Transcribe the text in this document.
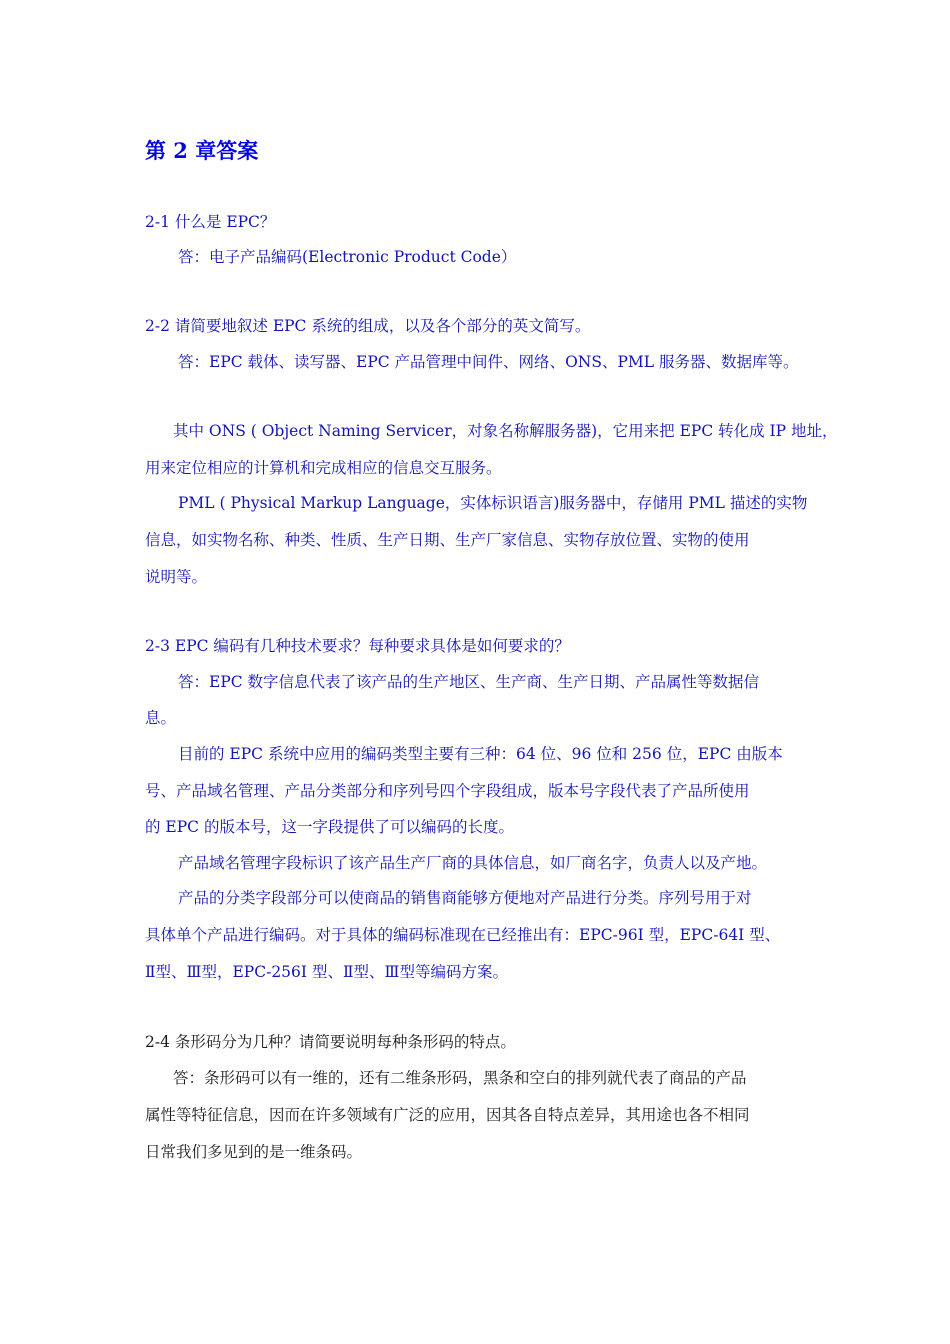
第 2 章答案

2-1 什么是 EPC？

答：电子产品编码(Electronic Product Code）

2-2 请简要地叙述 EPC 系统的组成，以及各个部分的英文简写。

答：EPC 载体、读写器、EPC 产品管理中间件、网络、ONS、PML 服务器、数据库等。

其中 ONS ( Object Naming Servicer，对象名称解服务器)，它用来把 EPC 转化成 IP 地址，

用来定位相应的计算机和完成相应的信息交互服务。

PML ( Physical Markup Language，实体标识语言)服务器中，存储用 PML 描述的实物

信息，如实物名称、种类、性质、生产日期、生产厂家信息、实物存放位置、实物的使用

说明等。

2-3 EPC 编码有几种技术要求？每种要求具体是如何要求的？

答：EPC 数字信息代表了该产品的生产地区、生产商、生产日期、产品属性等数据信

息。

目前的 EPC 系统中应用的编码类型主要有三种：64 位、96 位和 256 位，EPC 由版本

号、产品域名管理、产品分类部分和序列号四个字段组成，版本号字段代表了产品所使用

的 EPC 的版本号，这一字段提供了可以编码的长度。

产品域名管理字段标识了该产品生产厂商的具体信息，如厂商名字，负责人以及产地。

产品的分类字段部分可以使商品的销售商能够方便地对产品进行分类。序列号用于对

具体单个产品进行编码。对于具体的编码标准现在已经推出有：EPC-96I 型，EPC-64I 型、

Ⅱ型、Ⅲ型，EPC-256I 型、Ⅱ型、Ⅲ型等编码方案。

2-4 条形码分为几种？请简要说明每种条形码的特点。

答：条形码可以有一维的，还有二维条形码，黑条和空白的排列就代表了商品的产品

属性等特征信息，因而在许多领域有广泛的应用，因其各自特点差异，其用途也各不相同

日常我们多见到的是一维条码。
